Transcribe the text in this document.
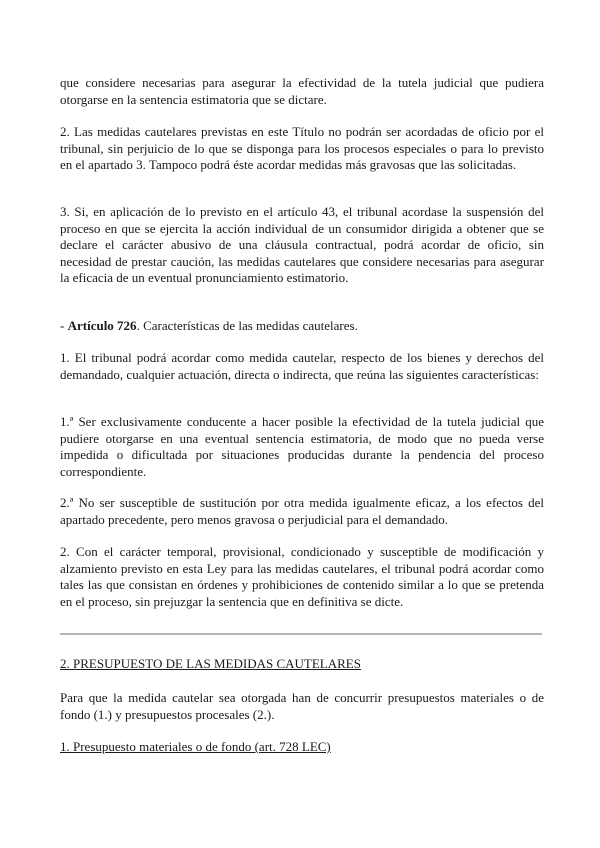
que considere necesarias para asegurar la efectividad de la tutela judicial que pudiera otorgarse en la sentencia estimatoria que se dictare.

2. Las medidas cautelares previstas en este Título no podrán ser acordadas de oficio por el tribunal, sin perjuicio de lo que se disponga para los procesos especiales o para lo previsto en el apartado 3. Tampoco podrá éste acordar medidas más gravosas que las solicitadas.

3. Si, en aplicación de lo previsto en el artículo 43, el tribunal acordase la suspensión del proceso en que se ejercita la acción individual de un consumidor dirigida a obtener que se declare el carácter abusivo de una cláusula contractual, podrá acordar de oficio, sin necesidad de prestar caución, las medidas cautelares que considere necesarias para asegurar la eficacia de un eventual pronunciamiento estimatorio.

- Artículo 726. Características de las medidas cautelares.

1. El tribunal podrá acordar como medida cautelar, respecto de los bienes y derechos del demandado, cualquier actuación, directa o indirecta, que reúna las siguientes características:

1.ª Ser exclusivamente conducente a hacer posible la efectividad de la tutela judicial que pudiere otorgarse en una eventual sentencia estimatoria, de modo que no pueda verse impedida o dificultada por situaciones producidas durante la pendencia del proceso correspondiente.

2.ª No ser susceptible de sustitución por otra medida igualmente eficaz, a los efectos del apartado precedente, pero menos gravosa o perjudicial para el demandado.

2. Con el carácter temporal, provisional, condicionado y susceptible de modificación y alzamiento previsto en esta Ley para las medidas cautelares, el tribunal podrá acordar como tales las que consistan en órdenes y prohibiciones de contenido similar a lo que se pretenda en el proceso, sin prejuzgar la sentencia que en definitiva se dicte.

2. PRESUPUESTO DE LAS MEDIDAS CAUTELARES

Para que la medida cautelar sea otorgada han de concurrir presupuestos materiales o de fondo (1.) y presupuestos procesales (2.).

1. Presupuesto materiales o de fondo (art. 728 LEC)
